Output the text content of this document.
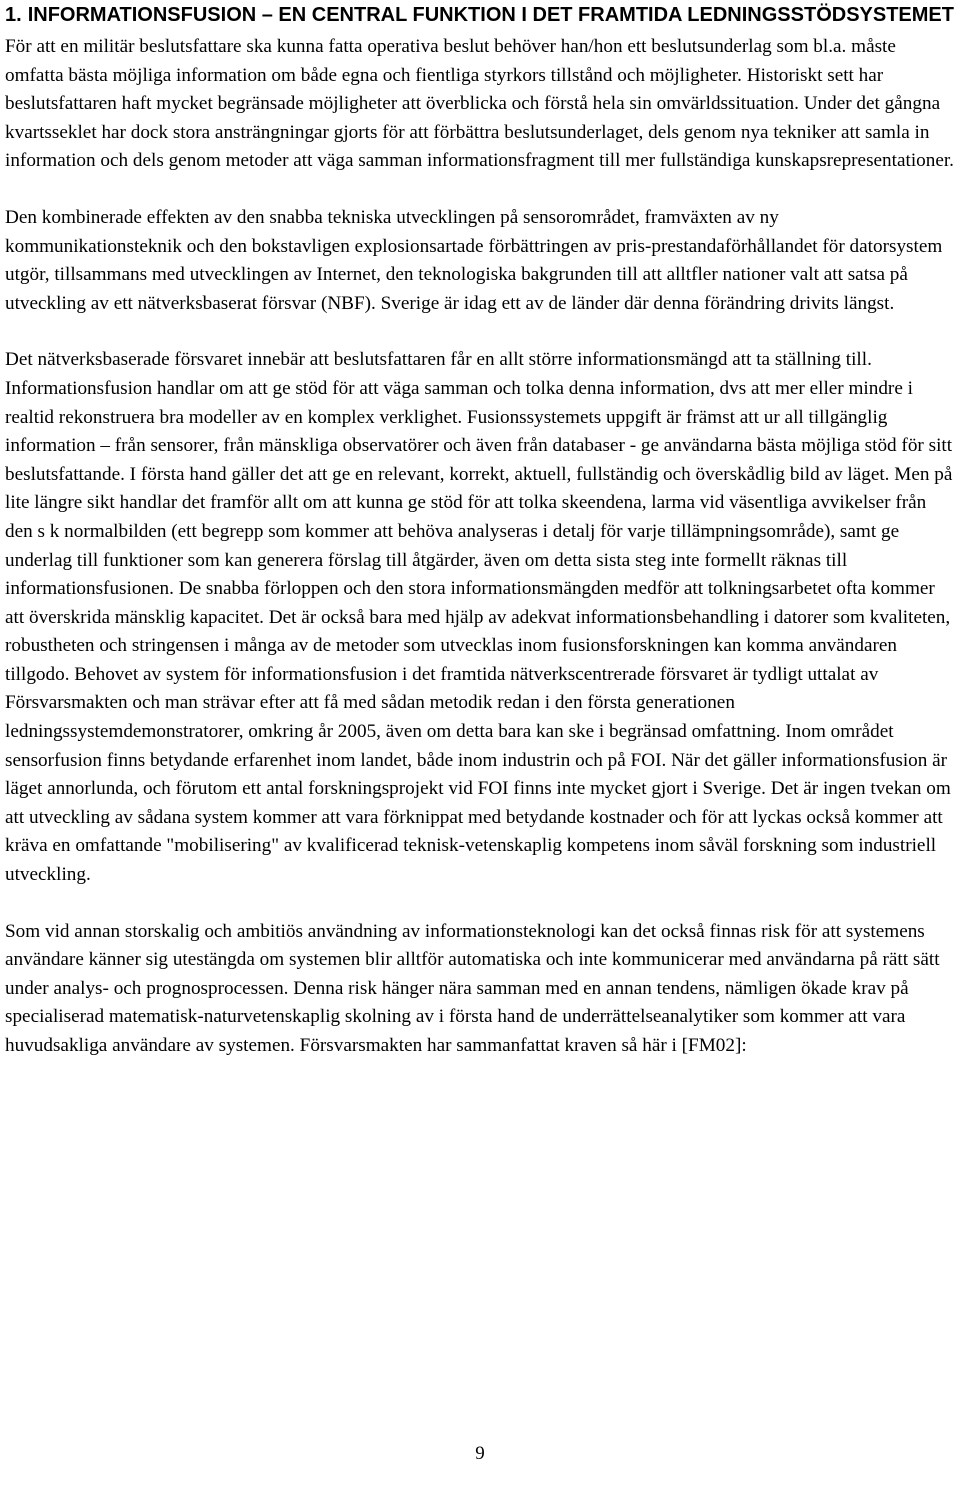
1. INFORMATIONSFUSION – EN CENTRAL FUNKTION I DET FRAMTIDA LEDNINGSSTÖDSYSTEMET

För att en militär beslutsfattare ska kunna fatta operativa beslut behöver han/hon ett beslutsunderlag som bl.a. måste omfatta bästa möjliga information om både egna och fientliga styrkors tillstånd och möjligheter. Historiskt sett har beslutsfattaren haft mycket begränsade möjligheter att överblicka och förstå hela sin omvärldssituation. Under det gångna kvartsseklet har dock stora ansträngningar gjorts för att förbättra beslutsunderlaget, dels genom nya tekniker att samla in information och dels genom metoder att väga samman informationsfragment till mer fullständiga kunskapsrepresentationer.

Den kombinerade effekten av den snabba tekniska utvecklingen på sensorområdet, framväxten av ny kommunikationsteknik och den bokstavligen explosionsartade förbättringen av pris-prestandaförhållandet för datorsystem utgör, tillsammans med utvecklingen av Internet, den teknologiska bakgrunden till att alltfler nationer valt att satsa på utveckling av ett nätverksbaserat försvar (NBF). Sverige är idag ett av de länder där denna förändring drivits längst.

Det nätverksbaserade försvaret innebär att beslutsfattaren får en allt större informationsmängd att ta ställning till. Informationsfusion handlar om att ge stöd för att väga samman och tolka denna information, dvs att mer eller mindre i realtid rekonstruera bra modeller av en komplex verklighet. Fusionssystemets uppgift är främst att ur all tillgänglig information – från sensorer, från mänskliga observatörer och även från databaser - ge användarna bästa möjliga stöd för sitt beslutsfattande. I första hand gäller det att ge en relevant, korrekt, aktuell, fullständig och överskådlig bild av läget. Men på lite längre sikt handlar det framför allt om att kunna ge stöd för att tolka skeendena, larma vid väsentliga avvikelser från den s k normalbilden (ett begrepp som kommer att behöva analyseras i detalj för varje tillämpningsområde), samt ge underlag till funktioner som kan generera förslag till åtgärder, även om detta sista steg inte formellt räknas till informationsfusionen. De snabba förloppen och den stora informationsmängden medför att tolkningsarbetet ofta kommer att överskrida mänsklig kapacitet. Det är också bara med hjälp av adekvat informationsbehandling i datorer som kvaliteten, robustheten och stringensen i många av de metoder som utvecklas inom fusionsforskningen kan komma användaren tillgodo. Behovet av system för informationsfusion i det framtida nätverkscentrerade försvaret är tydligt uttalat av Försvarsmakten och man strävar efter att få med sådan metodik redan i den första generationen ledningssystemdemonstratorer, omkring år 2005, även om detta bara kan ske i begränsad omfattning. Inom området sensorfusion finns betydande erfarenhet inom landet, både inom industrin och på FOI. När det gäller informationsfusion är läget annorlunda, och förutom ett antal forskningsprojekt vid FOI finns inte mycket gjort i Sverige. Det är ingen tvekan om att utveckling av sådana system kommer att vara förknippat med betydande kostnader och för att lyckas också kommer att kräva en omfattande "mobilisering" av kvalificerad teknisk-vetenskaplig kompetens inom såväl forskning som industriell utveckling.

Som vid annan storskalig och ambitiös användning av informationsteknologi kan det också finnas risk för att systemens användare känner sig utestängda om systemen blir alltför automatiska och inte kommunicerar med användarna på rätt sätt under analys- och prognosprocessen. Denna risk hänger nära samman med en annan tendens, nämligen ökade krav på specialiserad matematisk-naturvetenskaplig skolning av i första hand de underrättelseanalytiker som kommer att vara huvudsakliga användare av systemen. Försvarsmakten har sammanfattat kraven så här i [FM02]:

9
